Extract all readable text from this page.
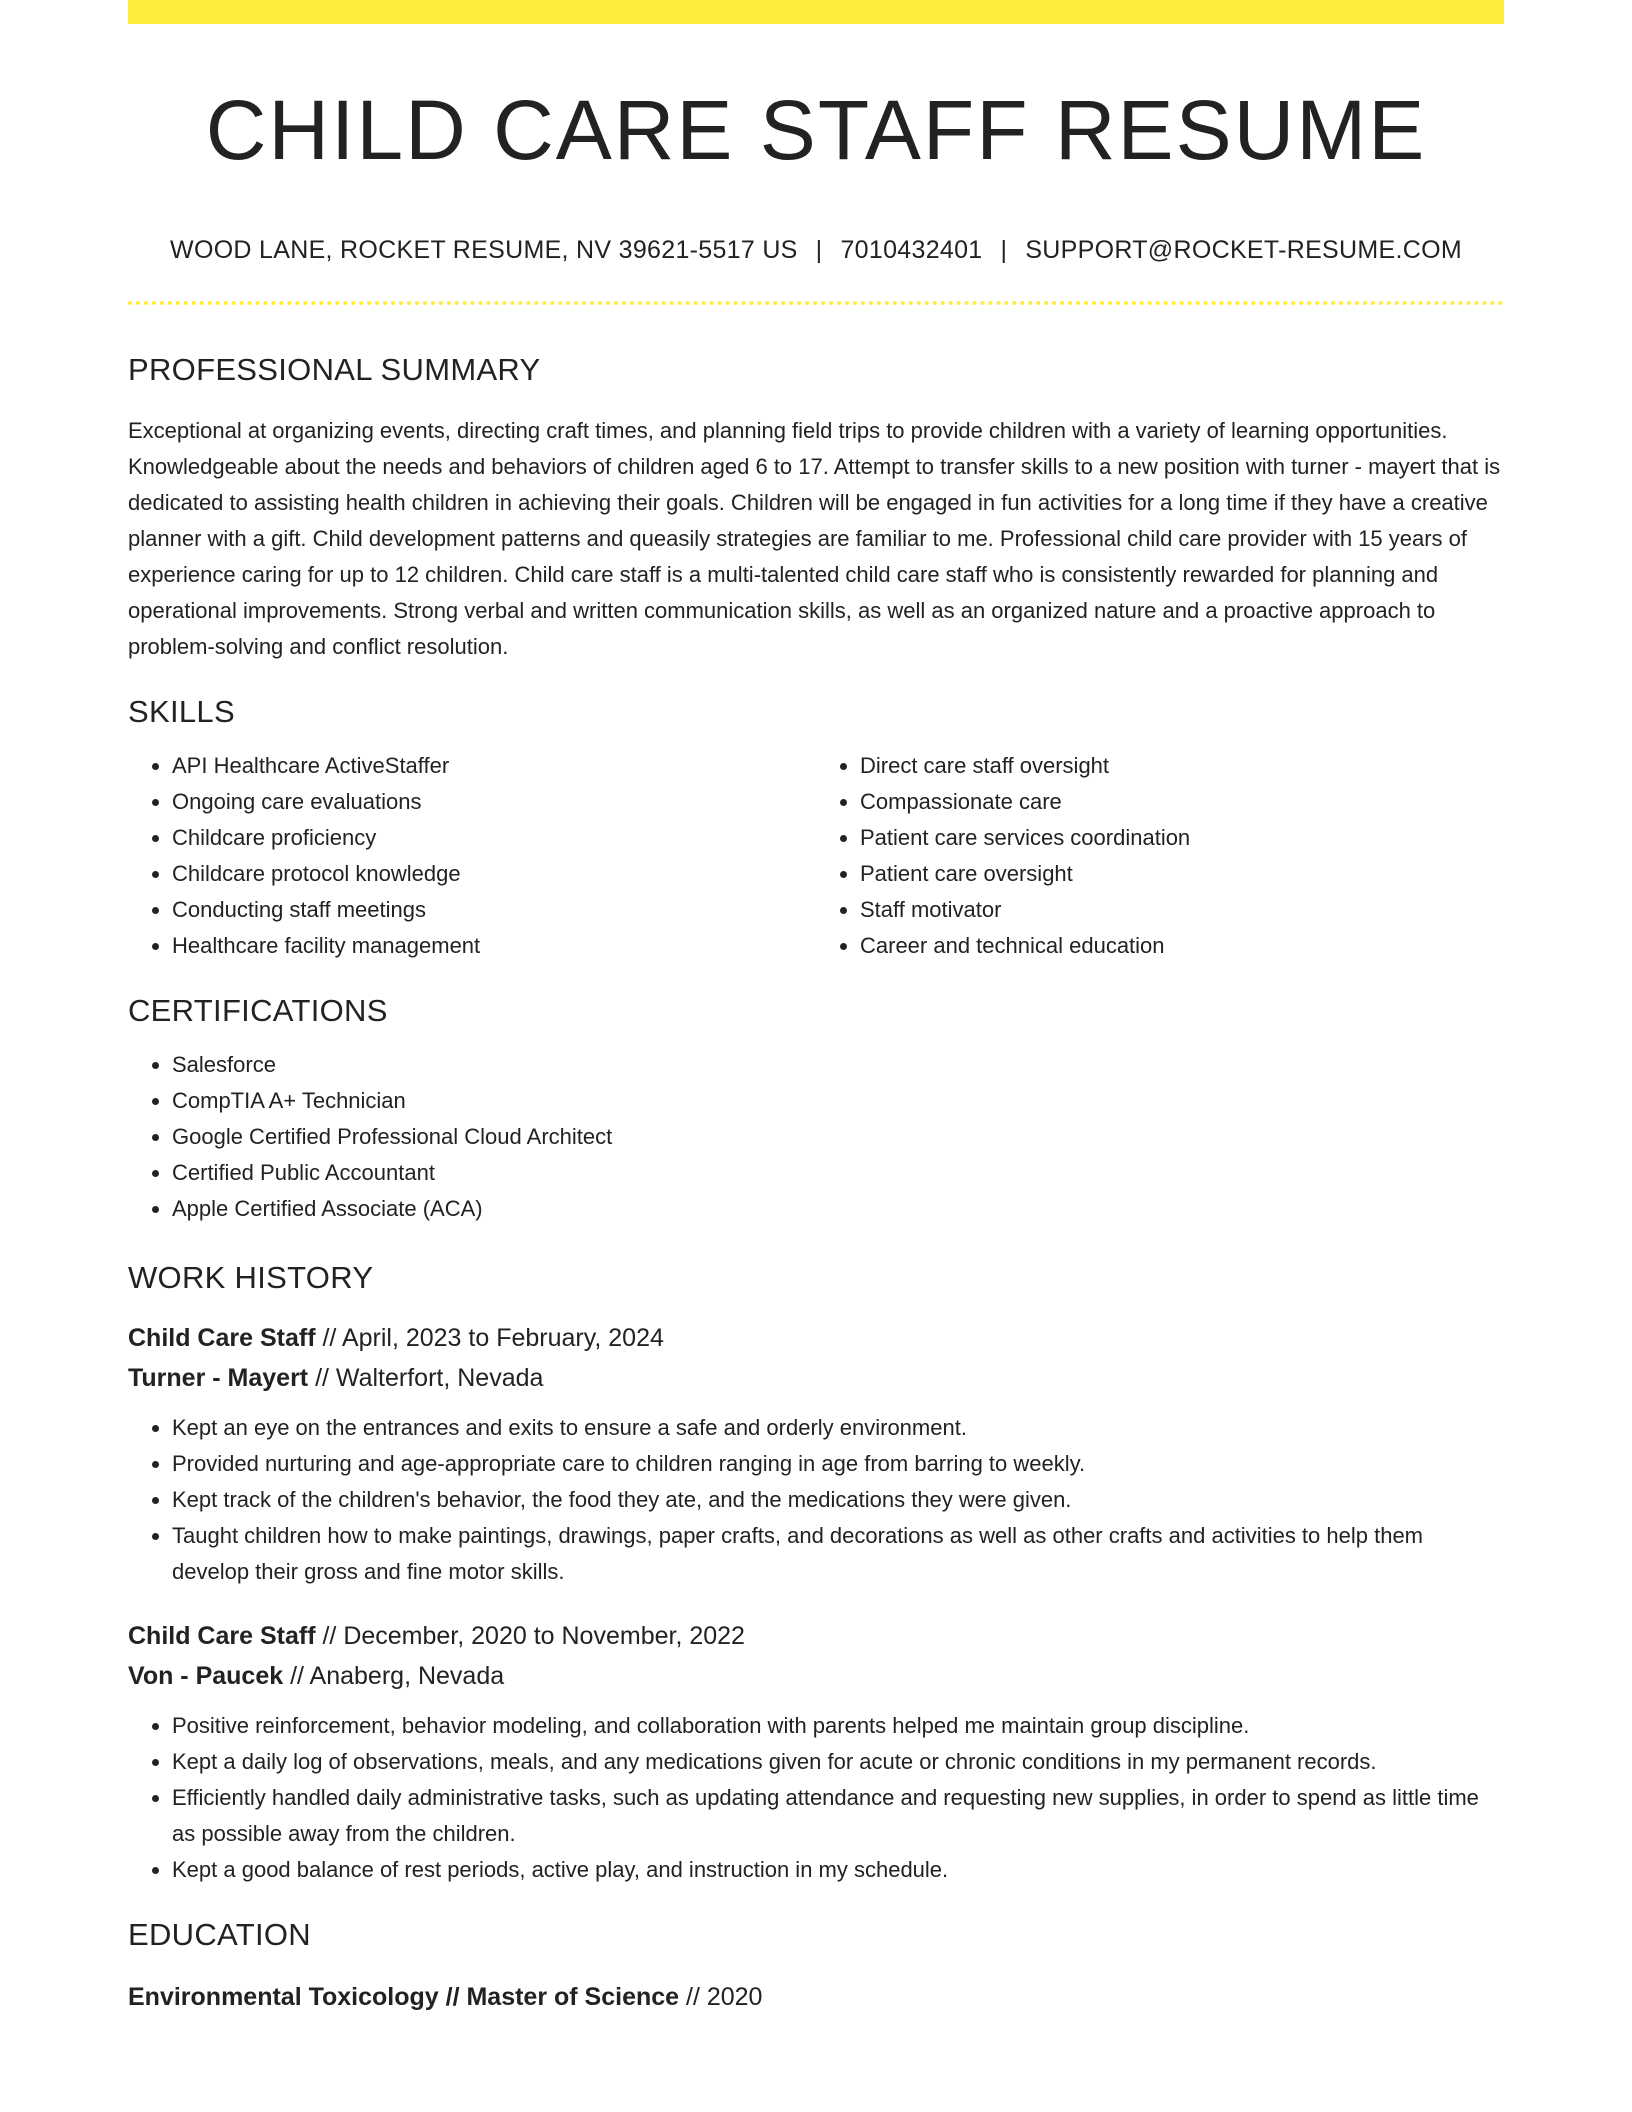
CHILD CARE STAFF RESUME
WOOD LANE, ROCKET RESUME, NV 39621-5517 US | 7010432401 | SUPPORT@ROCKET-RESUME.COM
PROFESSIONAL SUMMARY

Exceptional at organizing events, directing craft times, and planning field trips to provide children with a variety of learning opportunities. Knowledgeable about the needs and behaviors of children aged 6 to 17. Attempt to transfer skills to a new position with turner - mayert that is dedicated to assisting health children in achieving their goals. Children will be engaged in fun activities for a long time if they have a creative planner with a gift. Child development patterns and queasily strategies are familiar to me. Professional child care provider with 15 years of experience caring for up to 12 children. Child care staff is a multi-talented child care staff who is consistently rewarded for planning and operational improvements. Strong verbal and written communication skills, as well as an organized nature and a proactive approach to problem-solving and conflict resolution.

SKILLS
• API Healthcare ActiveStaffer
• Ongoing care evaluations
• Childcare proficiency
• Childcare protocol knowledge
• Conducting staff meetings
• Healthcare facility management
• Direct care staff oversight
• Compassionate care
• Patient care services coordination
• Patient care oversight
• Staff motivator
• Career and technical education
CERTIFICATIONS
• Salesforce
• CompTIA A+ Technician
• Google Certified Professional Cloud Architect
• Certified Public Accountant
• Apple Certified Associate (ACA)
WORK HISTORY
Child Care Staff // April, 2023 to February, 2024
Turner - Mayert // Walterfort, Nevada
• Kept an eye on the entrances and exits to ensure a safe and orderly environment.
• Provided nurturing and age-appropriate care to children ranging in age from barring to weekly.
• Kept track of the children's behavior, the food they ate, and the medications they were given.
• Taught children how to make paintings, drawings, paper crafts, and decorations as well as other crafts and activities to help them develop their gross and fine motor skills.
Child Care Staff // December, 2020 to November, 2022
Von - Paucek // Anaberg, Nevada
• Positive reinforcement, behavior modeling, and collaboration with parents helped me maintain group discipline.
• Kept a daily log of observations, meals, and any medications given for acute or chronic conditions in my permanent records.
• Efficiently handled daily administrative tasks, such as updating attendance and requesting new supplies, in order to spend as little time as possible away from the children.
• Kept a good balance of rest periods, active play, and instruction in my schedule.
EDUCATION
Environmental Toxicology // Master of Science // 2020
